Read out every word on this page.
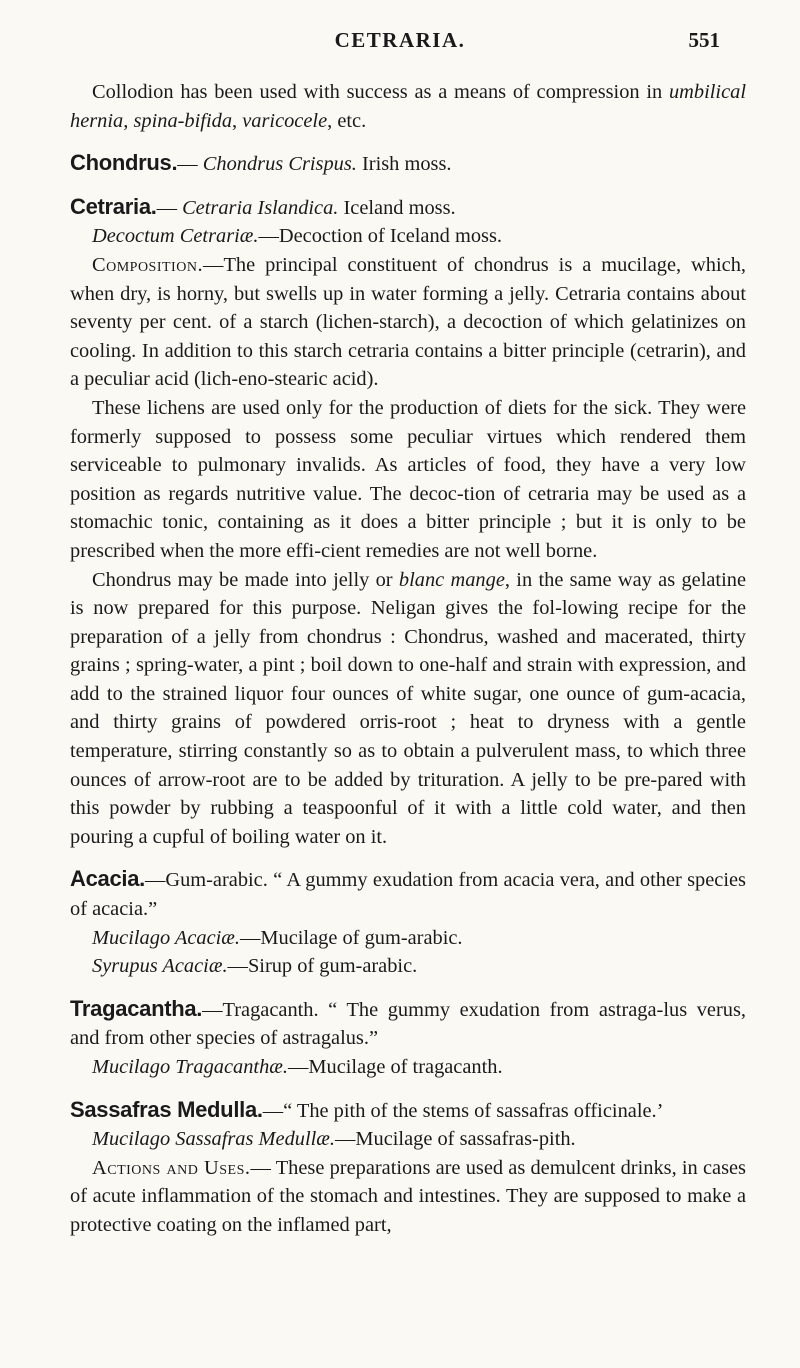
CETRARIA.	551

Collodion has been used with success as a means of compression in umbilical hernia, spina-bifida, varicocele, etc.

Chondrus.— Chondrus Crispus. Irish moss.

Cetraria.— Cetraria Islandica. Iceland moss.

Decoctum Cetrariæ.—Decoction of Iceland moss.

Composition.—The principal constituent of chondrus is a mucilage, which, when dry, is horny, but swells up in water forming a jelly. Cetraria contains about seventy per cent. of a starch (lichen-starch), a decoction of which gelatinizes on cooling. In addition to this starch cetraria contains a bitter principle (cetrarin), and a peculiar acid (lich-eno-stearic acid).

These lichens are used only for the production of diets for the sick. They were formerly supposed to possess some peculiar virtues which rendered them serviceable to pulmonary invalids. As articles of food, they have a very low position as regards nutritive value. The decoc-tion of cetraria may be used as a stomachic tonic, containing as it does a bitter principle ; but it is only to be prescribed when the more effi-cient remedies are not well borne.

Chondrus may be made into jelly or blanc mange, in the same way as gelatine is now prepared for this purpose. Neligan gives the fol-lowing recipe for the preparation of a jelly from chondrus : Chondrus, washed and macerated, thirty grains ; spring-water, a pint ; boil down to one-half and strain with expression, and add to the strained liquor four ounces of white sugar, one ounce of gum-acacia, and thirty grains of powdered orris-root ; heat to dryness with a gentle temperature, stirring constantly so as to obtain a pulverulent mass, to which three ounces of arrow-root are to be added by trituration. A jelly to be pre-pared with this powder by rubbing a teaspoonful of it with a little cold water, and then pouring a cupful of boiling water on it.

Acacia.—Gum-arabic. “ A gummy exudation from acacia vera, and other species of acacia.”

Mucilago Acaciæ.—Mucilage of gum-arabic.

Syrupus Acaciæ.—Sirup of gum-arabic.

Tragacantha.—Tragacanth. “ The gummy exudation from astraga-lus verus, and from other species of astragalus.”

Mucilago Tragacanthæ.—Mucilage of tragacanth.

Sassafras Medulla.—“ The pith of the stems of sassafras officinale.’

Mucilago Sassafras Medullæ.—Mucilage of sassafras-pith.

Actions and Uses.— These preparations are used as demulcent drinks, in cases of acute inflammation of the stomach and intestines. They are supposed to make a protective coating on the inflamed part,
